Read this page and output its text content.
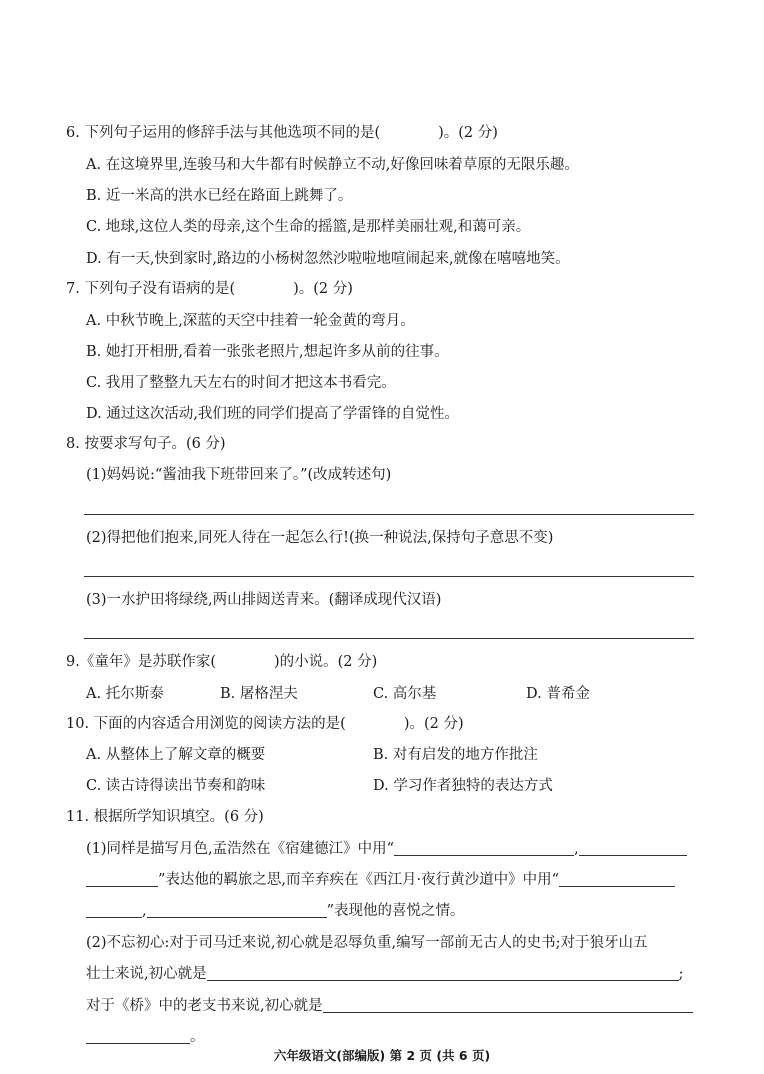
6. 下列句子运用的修辞手法与其他选项不同的是(　　　　)。(2 分)
A. 在这境界里,连骏马和大牛都有时候静立不动,好像回味着草原的无限乐趣。
B. 近一米高的洪水已经在路面上跳舞了。
C. 地球,这位人类的母亲,这个生命的摇篮,是那样美丽壮观,和蔼可亲。
D. 有一天,快到家时,路边的小杨树忽然沙啦啦地喧闹起来,就像在嘻嘻地笑。
7. 下列句子没有语病的是(　　　　)。(2 分)
A. 中秋节晚上,深蓝的天空中挂着一轮金黄的弯月。
B. 她打开相册,看着一张张老照片,想起许多从前的往事。
C. 我用了整整九天左右的时间才把这本书看完。
D. 通过这次活动,我们班的同学们提高了学雷锋的自觉性。
8. 按要求写句子。(6 分)
(1)妈妈说:“酱油我下班带回来了。”(改成转述句)
(2)得把他们抱来,同死人待在一起怎么行!(换一种说法,保持句子意思不变)
(3)一水护田将绿绕,两山排闼送青来。(翻译成现代汉语)
9.《童年》是苏联作家(　　　　)的小说。(2 分)
A. 托尔斯泰	B. 屠格涅夫	C. 高尔基	D. 普希金
10. 下面的内容适合用浏览的阅读方法的是(　　　　)。(2 分)
A. 从整体上了解文章的概要	B. 对有启发的地方作批注
C. 读古诗得读出节奏和韵味	D. 学习作者独特的表达方式
11. 根据所学知识填空。(6 分)
(1)同样是描写月色,孟浩然在《宿建德江》中用“	,
”表达他的羁旅之思,而辛弃疾在《西江月·夜行黄沙道中》中用“
,	”表现他的喜悦之情。
(2)不忘初心:对于司马迁来说,初心就是忍辱负重,编写一部前无古人的史书;对于狼牙山五
壮士来说,初心就是	;
对于《桥》中的老支书来说,初心就是
。
六年级语文(部编版) 第 2 页 (共 6 页)
